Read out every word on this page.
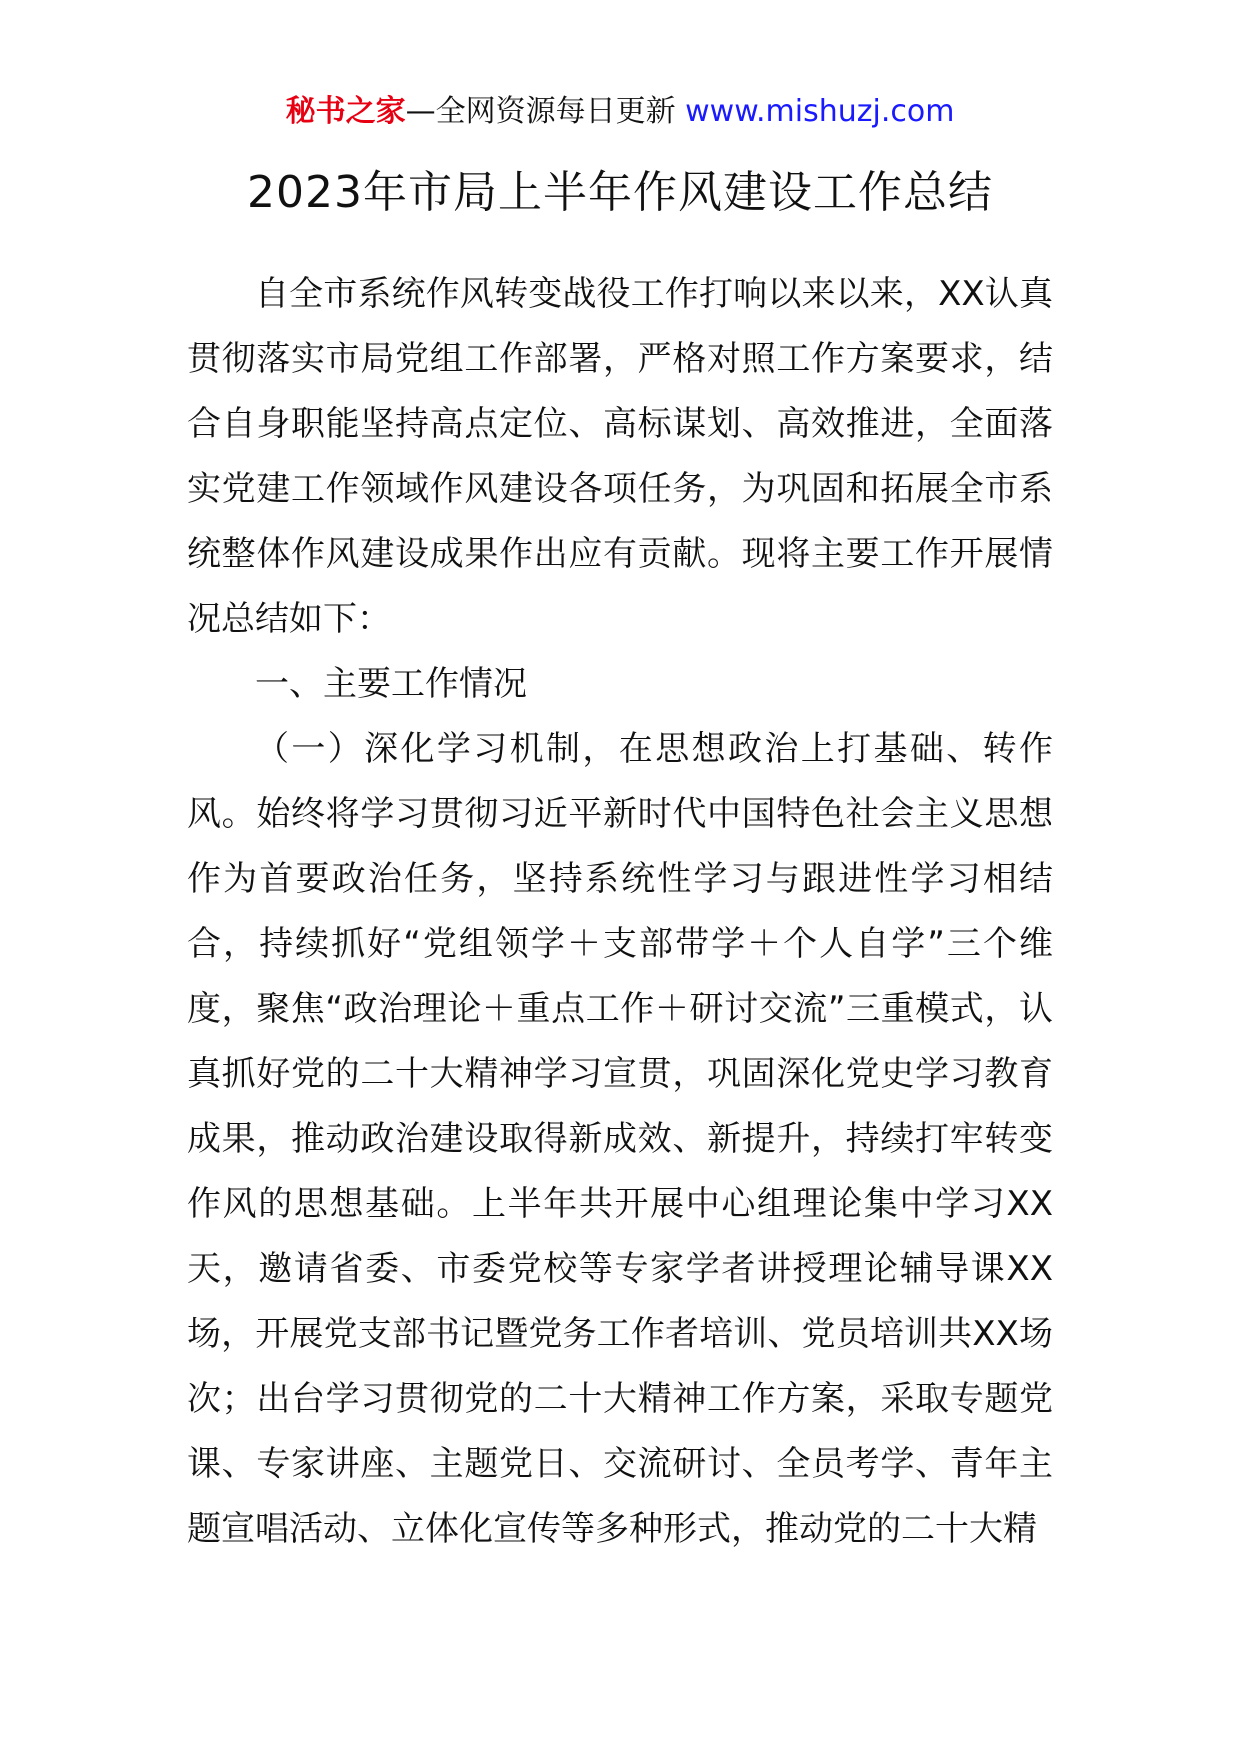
秘书之家—全网资源每日更新 www.mishuzj.com
2023年市局上半年作风建设工作总结

自全市系统作风转变战役工作打响以来以来，XX认真贯彻落实市局党组工作部署，严格对照工作方案要求，结合自身职能坚持高点定位、高标谋划、高效推进，全面落实党建工作领域作风建设各项任务，为巩固和拓展全市系统整体作风建设成果作出应有贡献。现将主要工作开展情况总结如下：

一、主要工作情况

（一）深化学习机制，在思想政治上打基础、转作风。始终将学习贯彻习近平新时代中国特色社会主义思想作为首要政治任务，坚持系统性学习与跟进性学习相结合，持续抓好“党组领学＋支部带学＋个人自学”三个维度，聚焦“政治理论＋重点工作＋研讨交流”三重模式，认真抓好党的二十大精神学习宣贯，巩固深化党史学习教育成果，推动政治建设取得新成效、新提升，持续打牢转变作风的思想基础。上半年共开展中心组理论集中学习XX天，邀请省委、市委党校等专家学者讲授理论辅导课XX场，开展党支部书记暨党务工作者培训、党员培训共XX场次；出台学习贯彻党的二十大精神工作方案，采取专题党课、专家讲座、主题党日、交流研讨、全员考学、青年主题宣唱活动、立体化宣传等多种形式，推动党的二十大精
